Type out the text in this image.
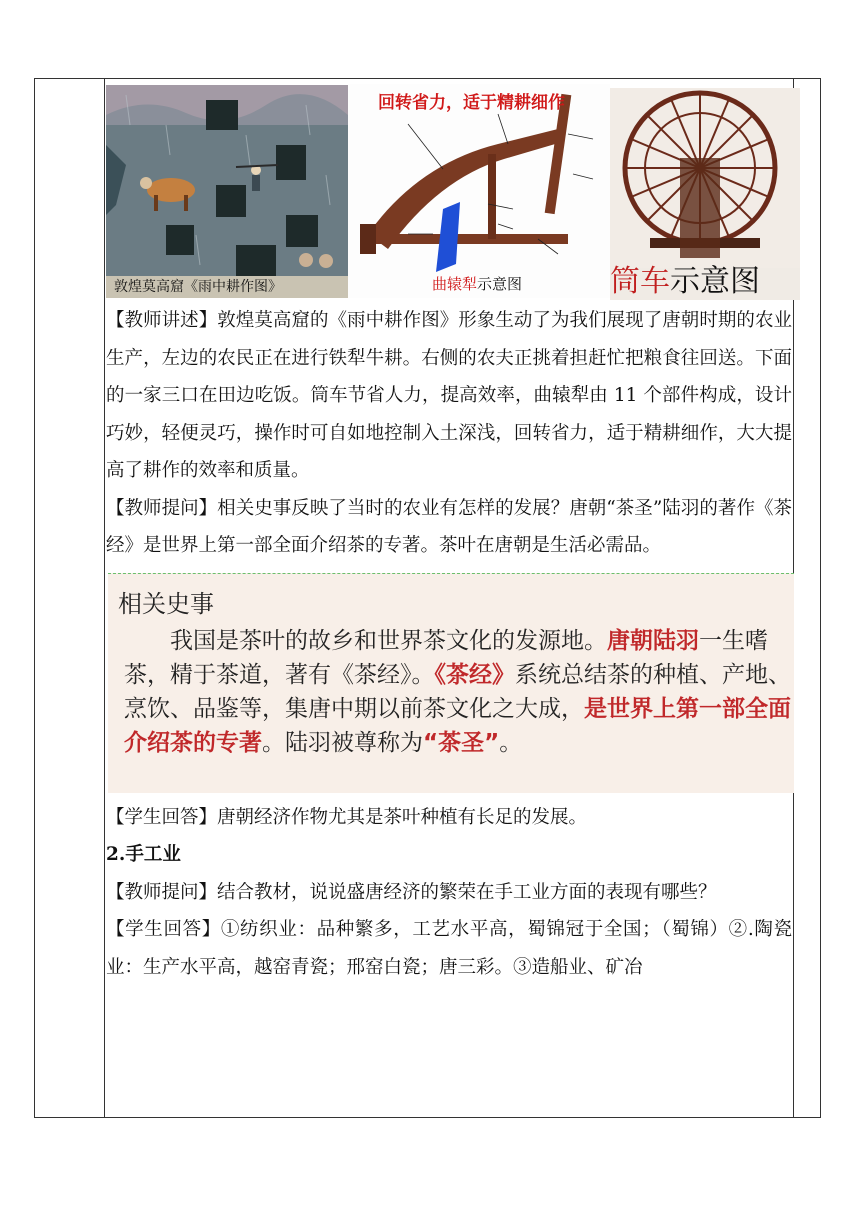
敦煌莫高窟《雨中耕作图》
回转省力，适于精耕细作
曲辕犁示意图	筒车示意图

【教师讲述】敦煌莫高窟的《雨中耕作图》形象生动了为我们展现了唐朝时期的农业生产，左边的农民正在进行铁犁牛耕。右侧的农夫正挑着担赶忙把粮食往回送。下面的一家三口在田边吃饭。筒车节省人力，提高效率，曲辕犁由 11 个部件构成，设计巧妙，轻便灵巧，操作时可自如地控制入土深浅，回转省力，适于精耕细作，大大提高了耕作的效率和质量。

【教师提问】相关史事反映了当时的农业有怎样的发展？唐朝“茶圣”陆羽的著作《茶经》是世界上第一部全面介绍茶的专著。茶叶在唐朝是生活必需品。

相关史事
我国是茶叶的故乡和世界茶文化的发源地。唐朝陆羽一生嗜茶，精于茶道，著有《茶经》。《茶经》系统总结茶的种植、产地、烹饮、品鉴等，集唐中期以前茶文化之大成，是世界上第一部全面介绍茶的专著。陆羽被尊称为“茶圣”。

【学生回答】唐朝经济作物尤其是茶叶种植有长足的发展。

2.手工业

【教师提问】结合教材，说说盛唐经济的繁荣在手工业方面的表现有哪些？

【学生回答】①纺织业：品种繁多，工艺水平高，蜀锦冠于全国；（蜀锦）②.陶瓷业：生产水平高，越窑青瓷；邢窑白瓷；唐三彩。③造船业、矿冶
